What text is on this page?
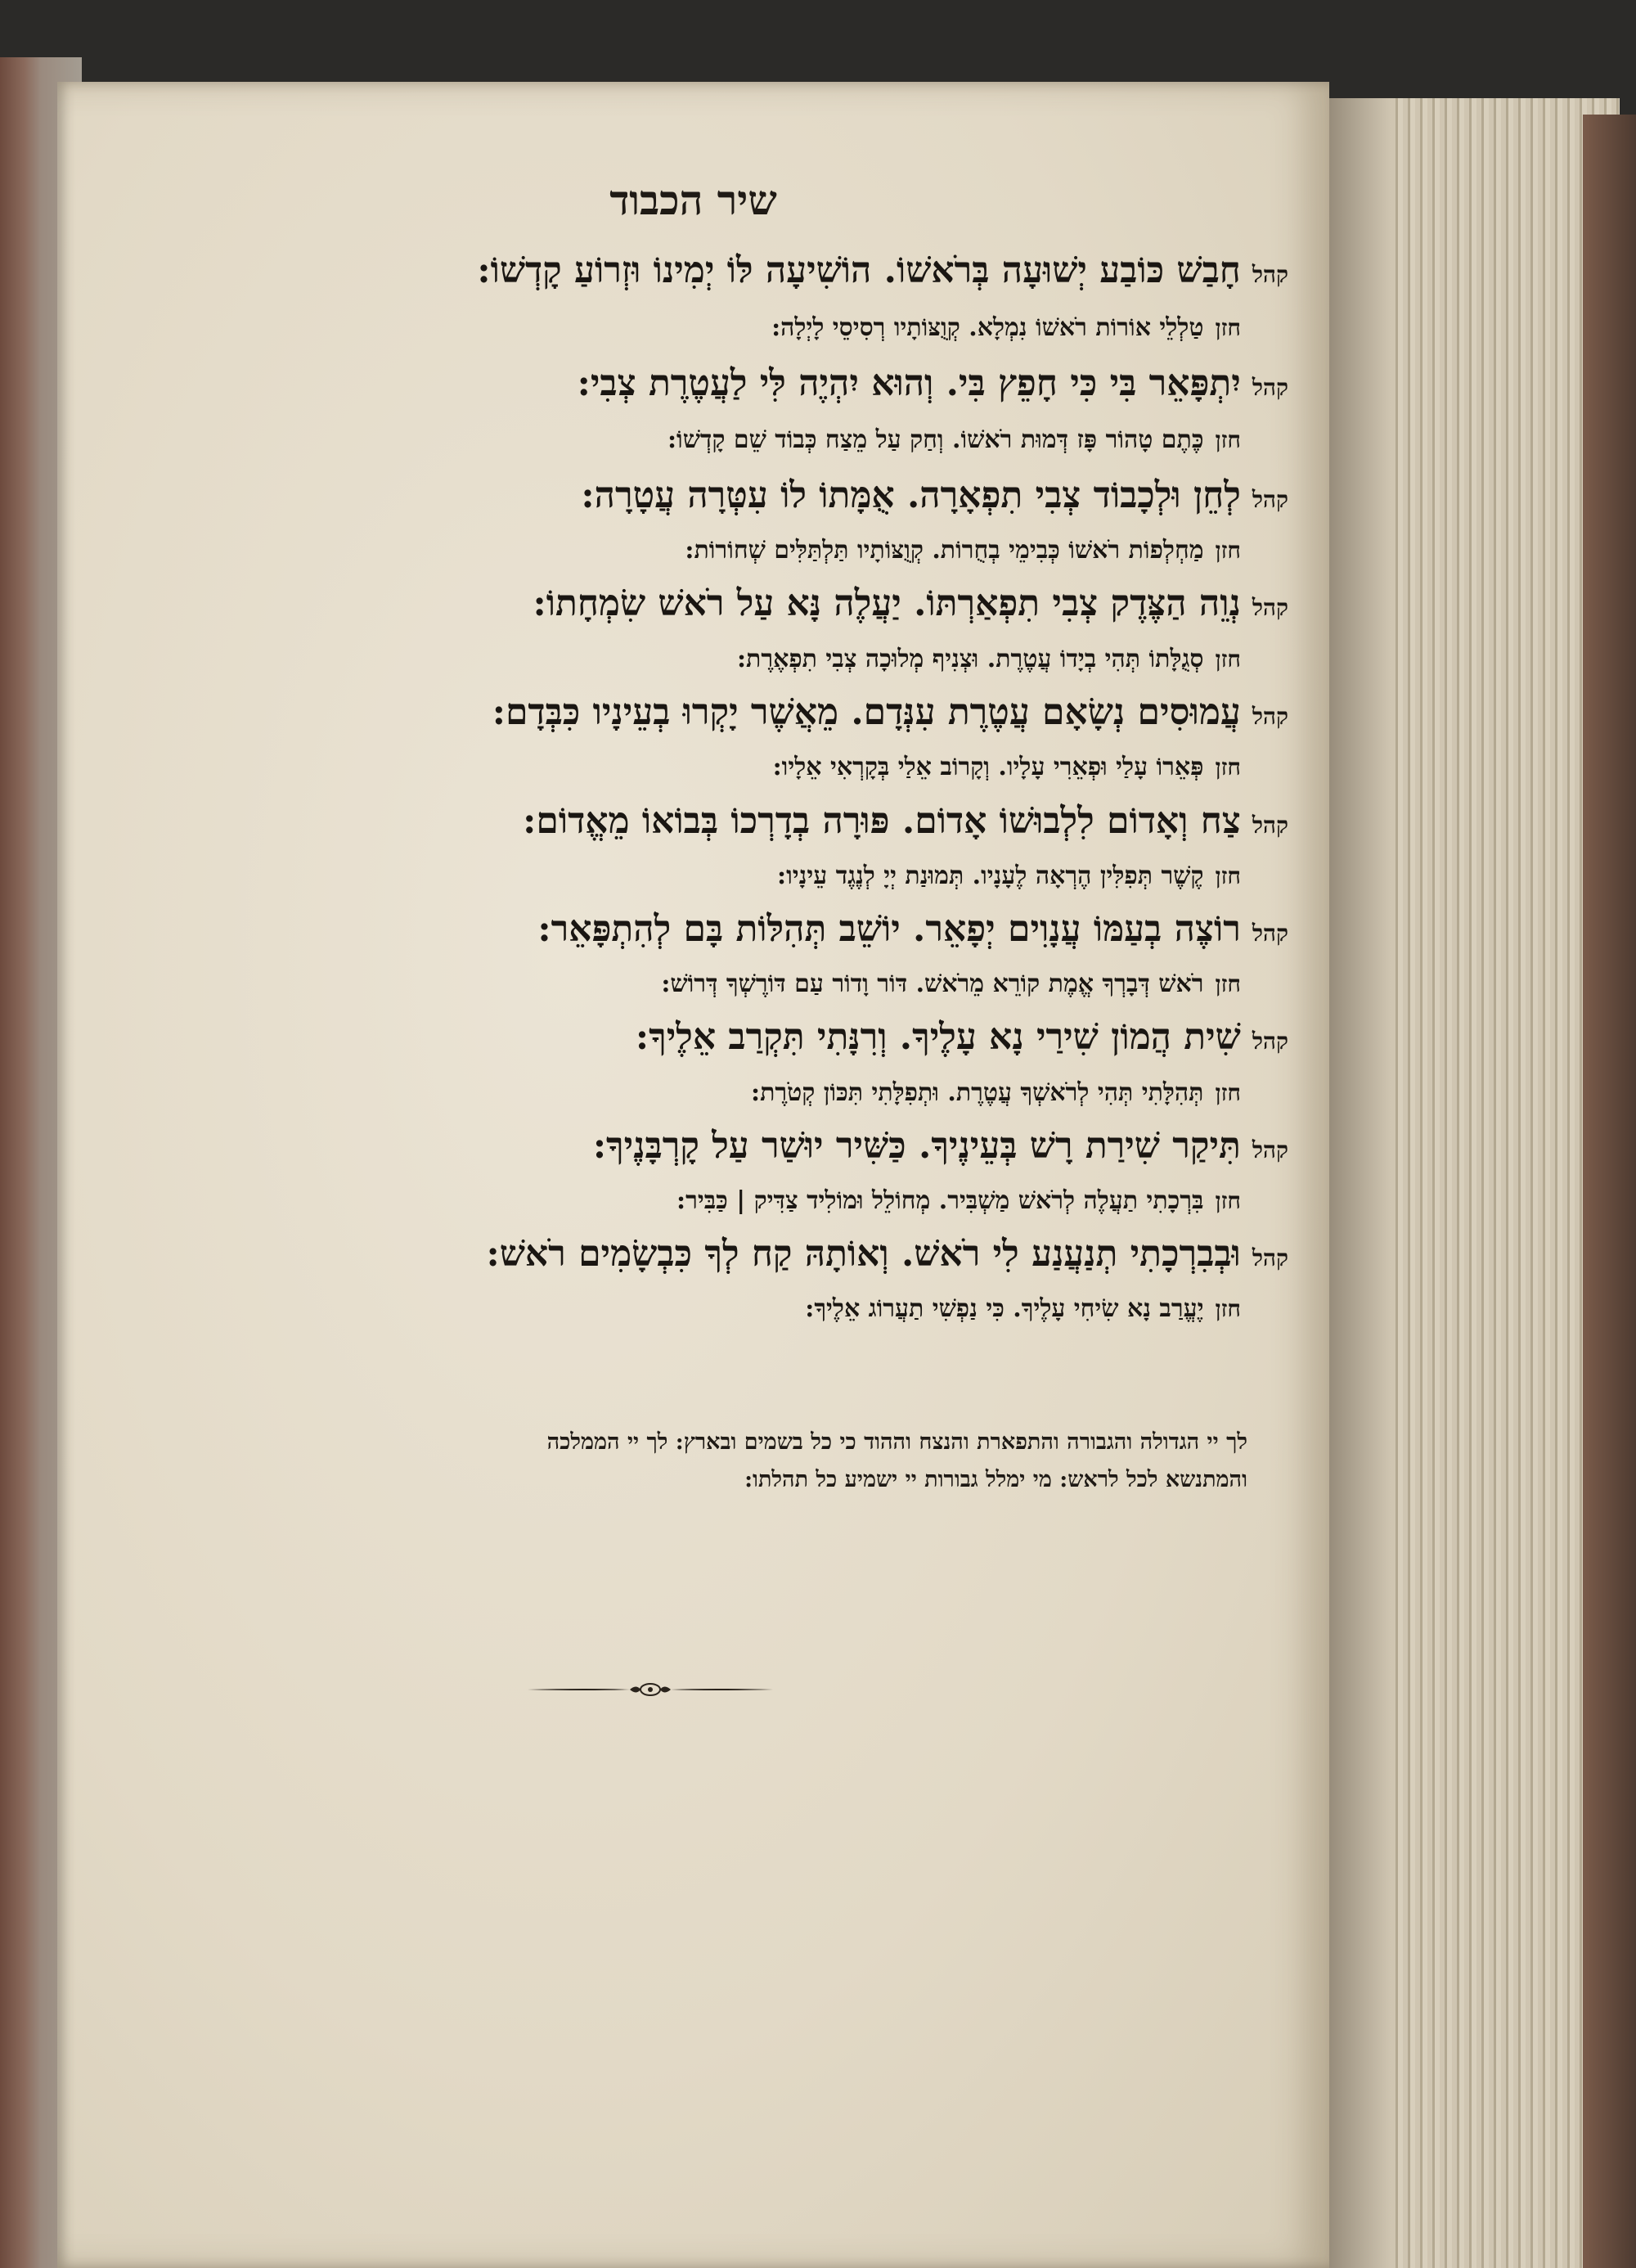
שיר הכבוד
קהלחָבַשׁ כּוֹבַע יְשׁוּעָה בְּרֹאשׁוֹ. הוֹשִׁיעָה לּוֹ יְמִינוֹ וּזְרוֹעַ קָדְשׁוֹ:
חזןטַלְלֵי אוֹרוֹת רֹאשׁוֹ נִמְלָא. קְוֻצּוֹתָיו רְסִיסֵי לָיְלָה:
קהליִתְפָּאֵר בִּי כִּי חָפֵץ בִּי. וְהוּא יִהְיֶה לִּי לַעֲטֶרֶת צְבִי:
חזןכֶּתֶם טָהוֹר פָּז דְּמוּת רֹאשׁוֹ. וְחַק עַל מֵצַח כְּבוֹד שֵׁם קָדְשׁוֹ:
קהללְחֵן וּלְכָבוֹד צְבִי תִפְאָרָה. אֻמָּתוֹ לוֹ עִטְּרָה עֲטָרָה:
חזןמַחְלְפוֹת רֹאשׁוֹ כְּבִימֵי בְחֻרוֹת. קְוֻצּוֹתָיו תַּלְתַּלִּים שְׁחוֹרוֹת:
קהלנְוֵה הַצֶּדֶק צְבִי תִפְאַרְתּוֹ. יַעֲלֶה נָּא עַל רֹאשׁ שִׂמְחָתוֹ:
חזןסְגֻלָּתוֹ תְּהִי בְיָדוֹ עֲטֶרֶת. וּצְנִיף מְלוּכָה צְבִי תִפְאֶרֶת:
קהלעֲמוּסִים נְשָׂאָם עֲטֶרֶת עִנְּדָם. מֵאֲשֶׁר יָקְרוּ בְעֵינָיו כִּבְּדָם:
חזןפְּאֵרוֹ עָלַי וּפְאֵרִי עָלָיו. וְקָרוֹב אֵלַי בְּקָרְאִי אֵלָיו:
קהלצַח וְאָדוֹם לִלְבוּשׁוֹ אָדוֹם. פּוּרָה בְדָרְכוֹ בְּבוֹאוֹ מֵאֱדוֹם:
חזןקֶשֶׁר תְּפִלִּין הֶרְאָה לֶעָנָיו. תְּמוּנַת יְיָ לְנֶגֶד עֵינָיו:
קהלרוֹצֶה בְעַמּוֹ עֲנָוִים יְפָאֵר. יוֹשֵׁב תְּהִלּוֹת בָּם לְהִתְפָּאֵר:
חזןרֹאשׁ דְּבָרְךָ אֱמֶת קוֹרֵא מֵרֹאשׁ. דּוֹר וָדוֹר עַם דּוֹרֶשְׁךָ דְּרוֹשׁ:
קהלשִׁית הֲמוֹן שִׁירַי נָא עָלֶיךָ. וְרִנָּתִי תִּקְרַב אֵלֶיךָ:
חזןתְּהִלָּתִי תְּהִי לְרֹאשְׁךָ עֲטֶרֶת. וּתְפִלָּתִי תִּכּוֹן קְטֹרֶת:
קהלתִּיקַר שִׁירַת רָשׁ בְּעֵינֶיךָ. כַּשִּׁיר יוּשַׁר עַל קָרְבָּנֶיךָ:
חזןבִּרְכָתִי תַעֲלֶה לְרֹאשׁ מַשְׁבִּיר. מְחוֹלֵל וּמוֹלִיד צַדִּיק | כַּבִּיר:
קהלוּבְבִרְכָתִי תְנַעֲנַע לִי רֹאשׁ. וְאוֹתָהּ קַח לְךָ כִּבְשָׂמִים רֹאשׁ:
חזןיֶעֱרַב נָא שִׂיחִי עָלֶיךָ. כִּי נַפְשִׁי תַעֲרוֹג אֵלֶיךָ:
לך יי הגדולה והגבורה והתפארת והנצח וההוד כי כל בשמים ובארץ: לך יי הממלכה
והמתנשא לכל לראש: מי ימלל גבורות יי ישמיע כל תהלתו:
